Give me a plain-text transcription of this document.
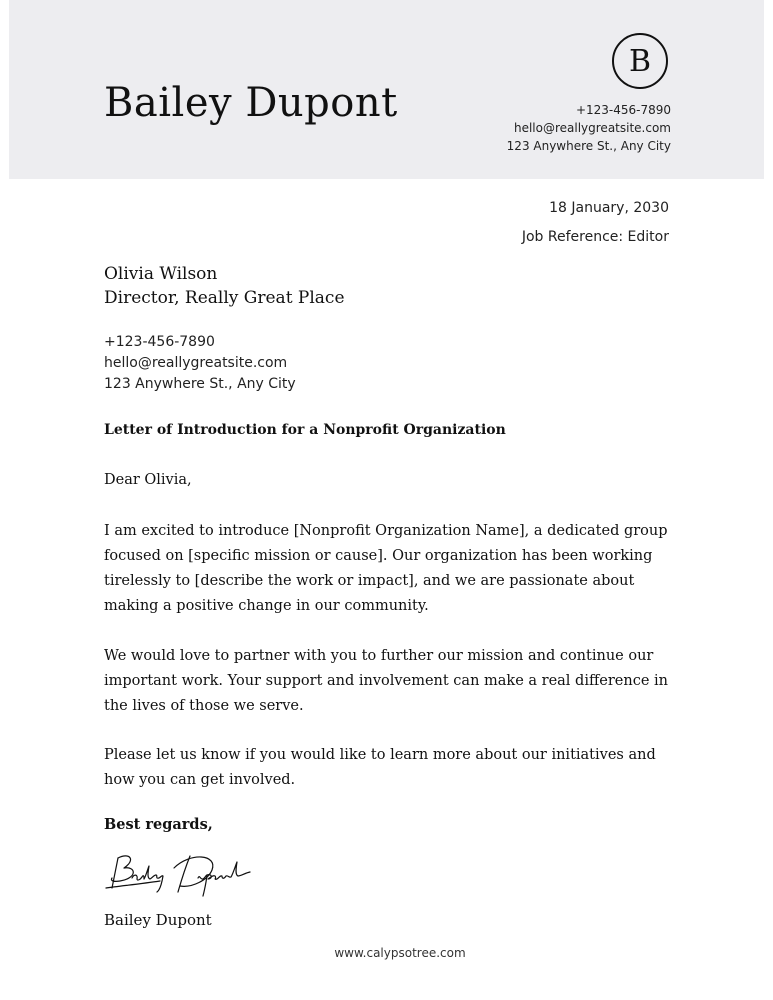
Bailey Dupont
B
+123-456-7890
hello@reallygreatsite.com
123 Anywhere St., Any City
18 January, 2030
Job Reference: Editor
Olivia Wilson
Director, Really Great Place
+123-456-7890
hello@reallygreatsite.com
123 Anywhere St., Any City
Letter of Introduction for a Nonprofit Organization
Dear Olivia,
I am excited to introduce [Nonprofit Organization Name], a dedicated group focused on [specific mission or cause]. Our organization has been working tirelessly to [describe the work or impact], and we are passionate about making a positive change in our community.
We would love to partner with you to further our mission and continue our important work. Your support and involvement can make a real difference in the lives of those we serve.
Please let us know if you would like to learn more about our initiatives and how you can get involved.
Best regards,
Bailey Dupont
www.calypsotree.com
